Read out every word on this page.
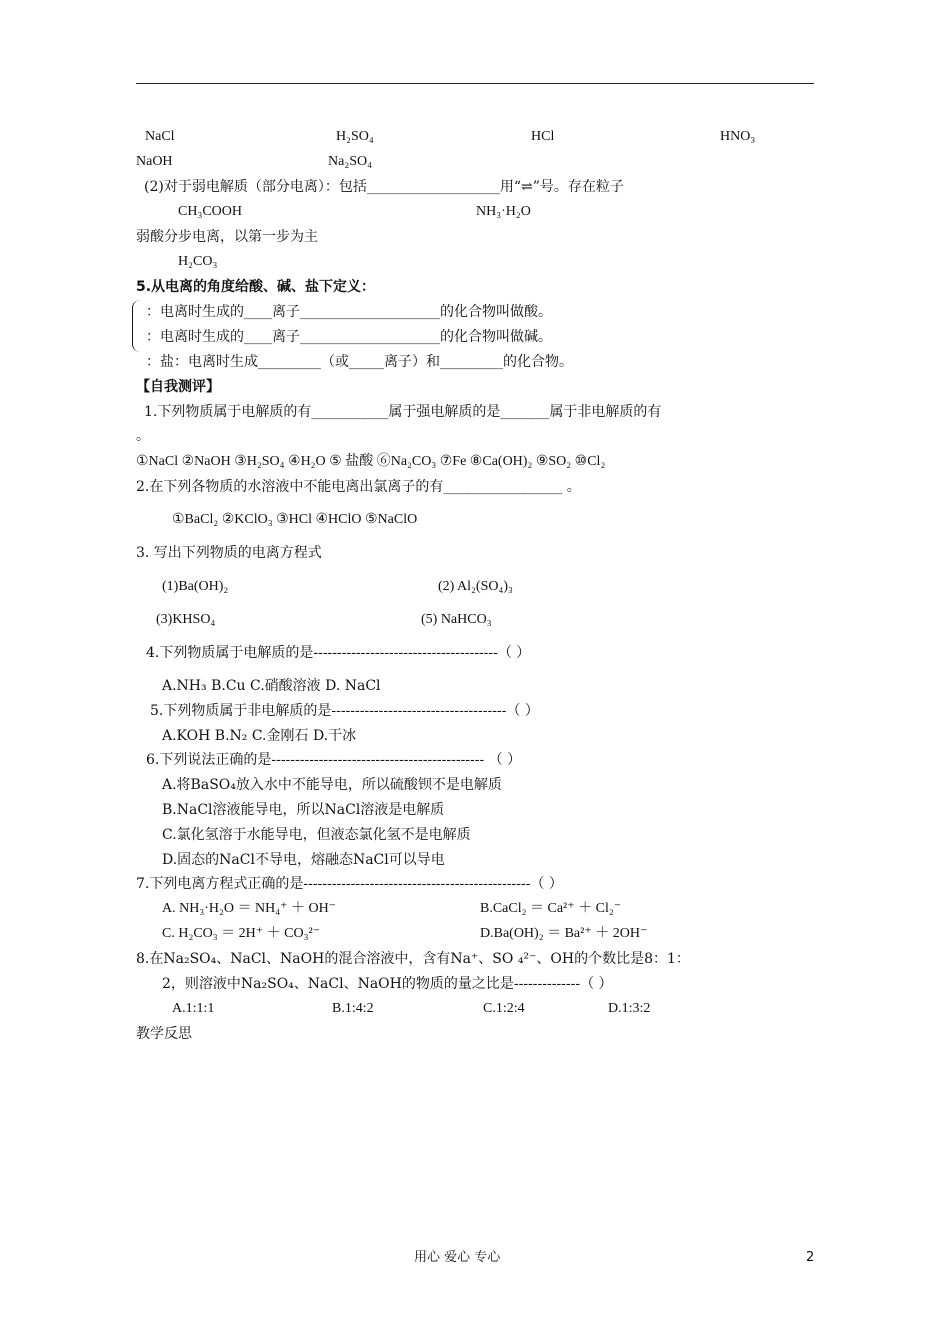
NaCl	H₂SO₄	HCl	HNO₃
NaOH	Na₂SO₄
(2)对于弱电解质（部分电离）：包括___________________用“⇌”号。存在粒子
CH₃COOH	NH₃·H₂O
弱酸分步电离，以第一步为主
H₂CO₃
5.从电离的角度给酸、碱、盐下定义：
：电离时生成的____离子____________________的化合物叫做酸。
：电离时生成的____离子____________________的化合物叫做碱。
：盐：电离时生成_________（或_____离子）和_________的化合物。
【自我测评】
1.下列物质属于电解质的有___________属于强电解质的是_______属于非电解质的有
。
①NaCl ②NaOH ③H₂SO₄ ④H₂O ⑤ 盐酸 ⑥Na₂CO₃ ⑦Fe ⑧Ca(OH)₂ ⑨SO₂ ⑩Cl₂
2.在下列各物质的水溶液中不能电离出氯离子的有_________________ 。
①BaCl₂ ②KClO₃ ③HCl ④HClO ⑤NaClO
3. 写出下列物质的电离方程式
(1)Ba(OH)₂	(2) Al₂(SO₄)₃
(3)KHSO₄	(5) NaHCO₃
4.下列物质属于电解质的是---------------------------------------（ ）
A.NH₃ B.Cu C.硝酸溶液 D. NaCl
5.下列物质属于非电解质的是-------------------------------------（ ）
A.KOH B.N₂ C.金刚石 D.干冰
6.下列说法正确的是--------------------------------------------- （ ）
A.将BaSO₄放入水中不能导电，所以硫酸钡不是电解质
B.NaCl溶液能导电，所以NaCl溶液是电解质
C.氯化氢溶于水能导电，但液态氯化氢不是电解质
D.固态的NaCl不导电，熔融态NaCl可以导电
7.下列电离方程式正确的是------------------------------------------------（ ）
A. NH₃·H₂O ＝ NH₄⁺ ＋ OH⁻	B.CaCl₂ ＝ Ca²⁺ ＋ Cl₂⁻
C. H₂CO₃ ＝ 2H⁺ ＋ CO₃²⁻	D.Ba(OH)₂ ＝ Ba²⁺ ＋ 2OH⁻
8.在Na₂SO₄、NaCl、NaOH的混合溶液中，含有Na⁺、SO ₄²⁻、OH的个数比是8：1：
2，则溶液中Na₂SO₄、NaCl、NaOH的物质的量之比是--------------（ ）
A.1:1:1	B.1:4:2	C.1:2:4	D.1:3:2
教学反思
用心 爱心 专心	2
